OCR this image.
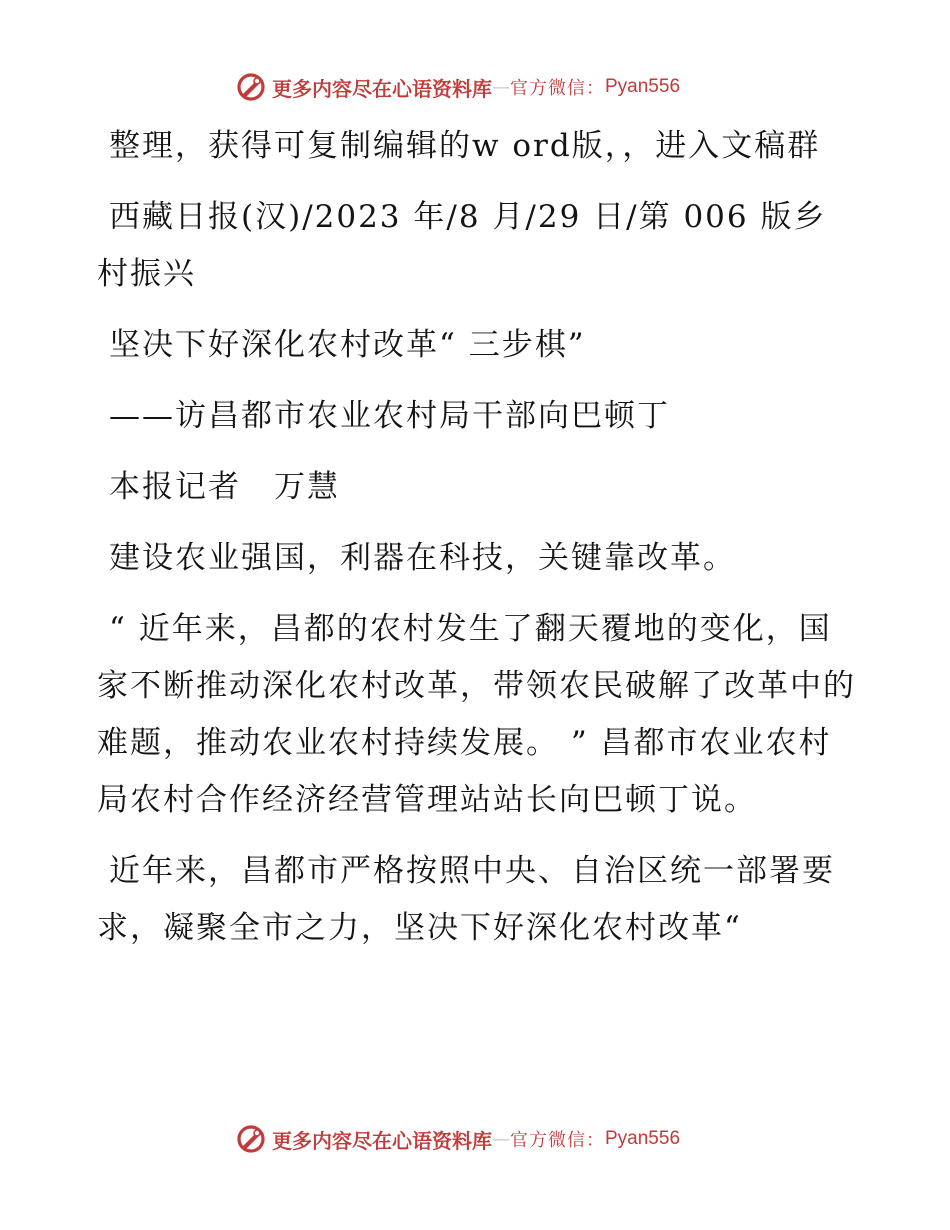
更多内容尽在心语资料库 — 官方微信： Pyan556

整理，获得可复制编辑的w ord版，，进入文稿群

西藏日报(汉)/2023 年/8 月/29 日/第 006 版乡村振兴

坚决下好深化农村改革“ 三步棋”

——访昌都市农业农村局干部向巴顿丁

本报记者　万慧

建设农业强国，利器在科技，关键靠改革。

“ 近年来，昌都的农村发生了翻天覆地的变化，国家不断推动深化农村改革，带领农民破解了改革中的难题，推动农业农村持续发展。 ” 昌都市农业农村局农村合作经济经营管理站站长向巴顿丁说。

近年来，昌都市严格按照中央、自治区统一部署要求，凝聚全市之力，坚决下好深化农村改革“

更多内容尽在心语资料库 — 官方微信： Pyan556
